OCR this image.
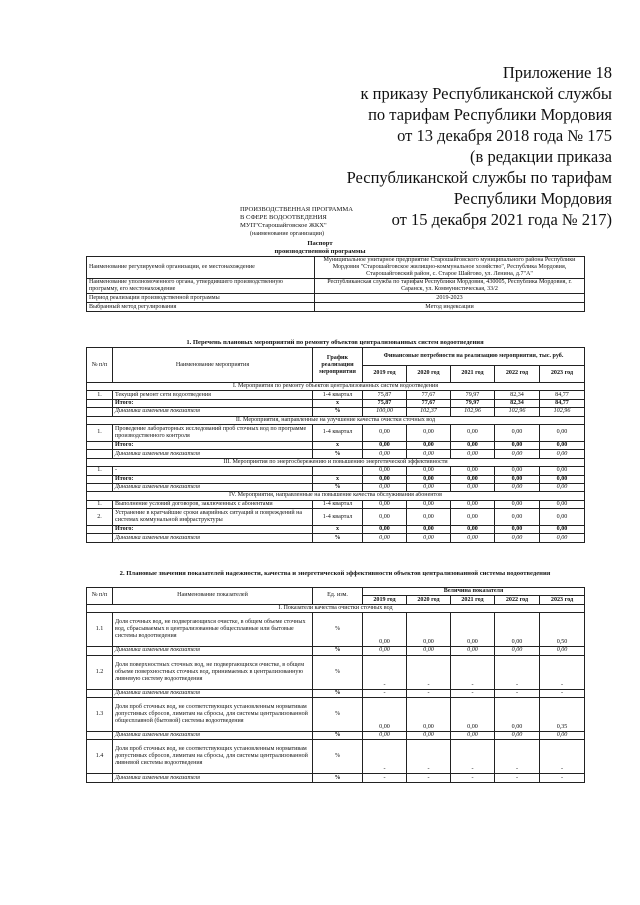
Приложение 18
к приказу Республиканской службы
по тарифам Республики Мордовия
от 13 декабря 2018 года № 175
(в редакции приказа
Республиканской службы по тарифам
Республики Мордовия
от 15 декабря 2021 года № 217)
ПРОИЗВОДСТВЕННАЯ ПРОГРАММА
В СФЕРЕ ВОДООТВЕДЕНИЯ
МУП"Старошайговское ЖКХ"
(наименование организации)
Паспорт
производственной программы
Наименование регулируемой организации, ее местонахождение	Муниципальное унитарное предприятие Старошайговского муниципального района Республики Мордовия "Старошайговское жилищно-коммунальное хозяйство", Республика Мордовия, Старошайговский район, с. Старое Шайгово, ул. Ленина, д.7"А"
Наименование уполномоченного органа, утвердившего производственную программу, его местонахождение	Республиканская служба по тарифам Республики Мордовия, 430005, Республика Мордовия, г. Саранск, ул. Коммунистическая, 33/2
Период реализации производственной программы	2019-2023
Выбранный метод регулирования	Метод индексации
1. Перечень плановых мероприятий по ремонту объектов централизованных систем водоотведения
№ п/п	Наименование мероприятия	График реализации мероприятия	Финансовые потребности на реализацию мероприятия, тыс. руб.				
			2019 год	2020 год	2021 год	2022 год	2023 год
I. Мероприятия по ремонту объектов централизованных систем водоотведения							
1.	Текущий ремонт сети водоотведения	1-4 квартал	75,87	77,67	79,97	82,34	84,77
	Итого:	х	75,87	77,67	79,97	82,34	84,77
	Динамика изменения показателя	%	100,00	102,37	102,96	102,96	102,96
II. Мероприятия, направленные на улучшение качества очистки сточных вод							
1.	Проведение лабораторных исследований проб сточных вод по программе производственного контроля	1-4 квартал	0,00	0,00	0,00	0,00	0,00
	Итого:	х	0,00	0,00	0,00	0,00	0,00
	Динамика изменения показателя	%	0,00	0,00	0,00	0,00	0,00
III. Мероприятия по энергосбережению и повышению энергетической эффективности							
1.	-		0,00	0,00	0,00	0,00	0,00
	Итого:	х	0,00	0,00	0,00	0,00	0,00
	Динамика изменения показателя	%	0,00	0,00	0,00	0,00	0,00
IV. Мероприятия, направленные на повышение качества обслуживания абонентов							
1.	Выполнение условий договоров, заключенных с абонентами	1-4 квартал	0,00	0,00	0,00	0,00	0,00
2.	Устранение в кратчайшие сроки аварийных ситуаций и повреждений на системах коммунальной инфраструктуры	1-4 квартал	0,00	0,00	0,00	0,00	0,00
	Итого:	х	0,00	0,00	0,00	0,00	0,00
	Динамика изменения показателя	%	0,00	0,00	0,00	0,00	0,00
2. Плановые значения показателей надежности, качества и энергетической эффективности объектов централизованной системы водоотведения
№ п/п	Наименование показателей	Ед. изм.	Величина показателя				
			2019 год	2020 год	2021 год	2022 год	2023 год
I. Показатели качества очистки сточных вод							
1.1	Доля сточных вод, не подвергающихся очистке, в общем объеме сточных вод, сбрасываемых в централизованные общесплавные или бытовые системы водоотведения	%	0,00	0,00	0,00	0,00	0,50
	Динамика изменения показателя	%	0,00	0,00	0,00	0,00	0,00
1.2	Доля поверхностных сточных вод, не подвергающихся очистке, в общем объеме поверхностных сточных вод, принимаемых в централизованную ливневую систему водоотведения	%	-	-	-	-	-
	Динамика изменения показателя	%	-	-	-	-	-
1.3	Доля проб сточных вод, не соответствующих установленным нормативам допустимых сбросов, лимитам на сбросы, для системы централизованной общесплавной (бытовой) системы водоотведения	%	0,00	0,00	0,00	0,00	0,35
	Динамика изменения показателя	%	0,00	0,00	0,00	0,00	0,00
1.4	Доля проб сточных вод, не соответствующих установленным нормативам допустимых сбросов, лимитам на сбросы, для системы централизованной ливневой системы водоотведения	%	-	-	-	-	-
	Динамика изменения показателя	%	-	-	-	-	-
